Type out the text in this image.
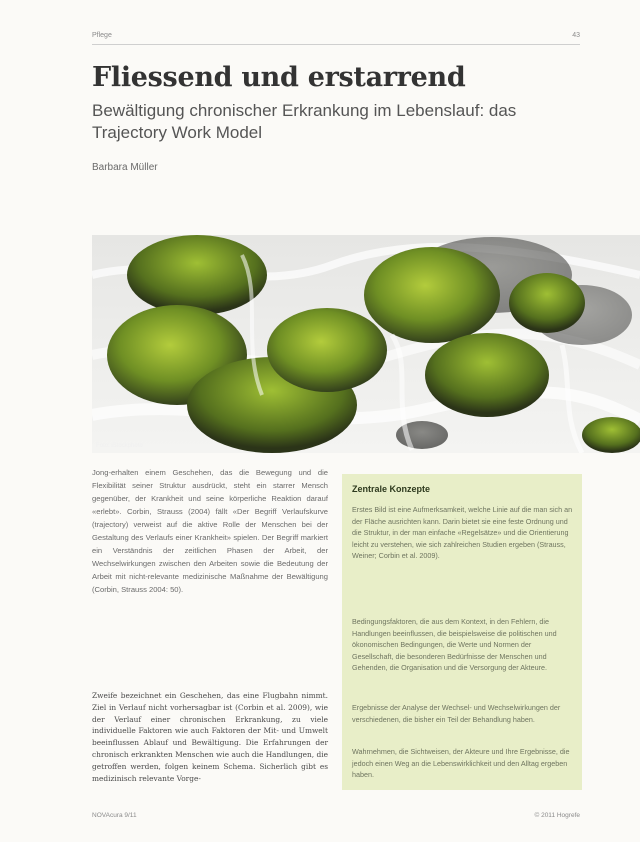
Pflege	43
Fliessend und erstarrend
Bewältigung chronischer Erkrankung im Lebenslauf: das Trajectory Work Model
Barbara Müller
Foto: iStockphoto

Jong-erhalten einem Geschehen, das die Bewegung und die Flexibilität seiner Struktur ausdrückt, steht ein starrer Mensch gegenüber, der Krankheit und seine körperliche Reaktion darauf «erlebt». Corbin, Strauss (2004) fällt «Der Begriff Verlaufskurve (trajectory) verweist auf die aktive Rolle der Menschen bei der Gestaltung des Verlaufs einer Krankheit» spielen. Der Begriff markiert ein Verständnis der zeitlichen Phasen der Arbeit, der Wechselwirkungen zwischen den Arbeiten sowie die Bedeutung der Arbeit mit nicht-relevante medizinische Maßnahme der Bewältigung (Corbin, Strauss 2004: 50).

Zweife bezeichnet ein Geschehen, das eine Flugbahn nimmt. Ziel in Verlauf nicht vorhersagbar ist (Corbin et al. 2009), wie der Verlauf einer chronischen Erkrankung, zu viele individuelle Faktoren wie auch Faktoren der Mit- und Umwelt beeinflussen Ablauf und Bewältigung. Die Erfahrungen der chronisch erkrankten Menschen wie auch die Handlungen, die getroffen werden, folgen keinem Schema. Sicherlich gibt es medizinisch relevante Vorge-

Zentrale Konzepte

Erstes Bild ist eine Aufmerksamkeit, welche Linie auf die man sich an der Fläche ausrichten kann. Darin bietet sie eine feste Ordnung und die Struktur, in der man einfache «Regelsätze» und die Orientierung leicht zu verstehen, wie sich zahlreichen Studien ergeben (Strauss, Weiner; Corbin et al. 2009).

Bedingungsfaktoren, die aus dem Kontext, in den Fehlern, die Handlungen beeinflussen, die beispielsweise die politischen und ökonomischen Bedingungen, die Werte und Normen der Gesellschaft, die besonderen Bedürfnisse der Menschen und Gehenden, die Organisation und die Versorgung der Akteure.

Ergebnisse der Analyse der Wechsel- und Wechselwirkungen der verschiedenen, die bisher ein Teil der Behandlung haben.

Wahrnehmen, die Sichtweisen, der Akteure und Ihre Ergebnisse, die jedoch einen Weg an die Lebenswirklichkeit und den Alltag ergeben haben.

NOVAcura 9/11	© 2011 Hogrefe
